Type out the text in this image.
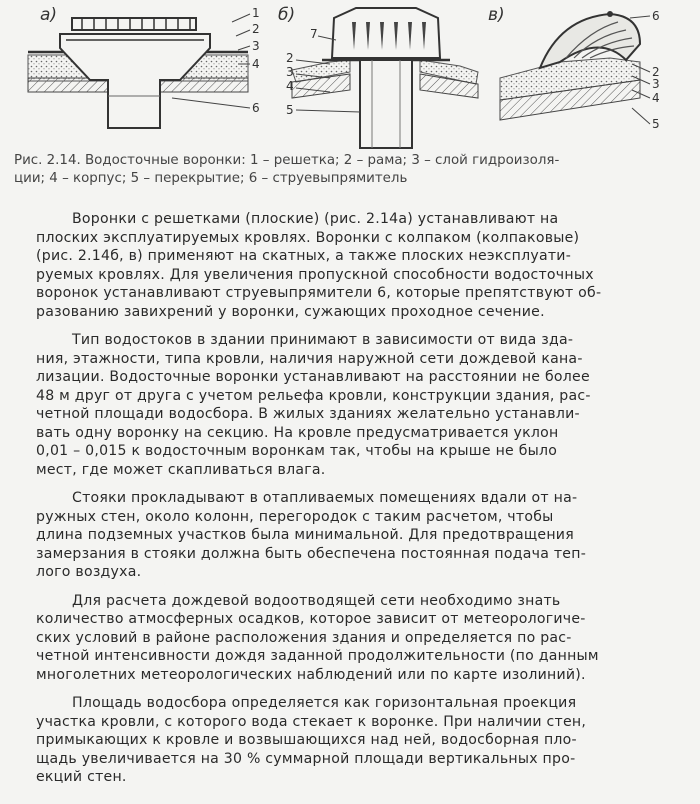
а)	1
2
3
4
6
б)
7
2
3
4
5
в)	6
2
3
4
5
Рис. 2.14. Водосточные воронки: 1 – решетка; 2 – рама; 3 – слой гидроизоля-
ции; 4 – корпус; 5 – перекрытие; 6 – струевыпрямитель
Воронки с решетками (плоские) (рис. 2.14а) устанавливают на
плоских эксплуатируемых кровлях. Воронки с колпаком (колпаковые)
(рис. 2.14б, в) применяют на скатных, а также плоских неэксплуати-
руемых кровлях. Для увеличения пропускной способности водосточных
воронок устанавливают струевыпрямители 6, которые препятствуют об-
разованию завихрений у воронки, сужающих проходное сечение.
Тип водостоков в здании принимают в зависимости от вида зда-
ния, этажности, типа кровли, наличия наружной сети дождевой кана-
лизации. Водосточные воронки устанавливают на расстоянии не более
48 м друг от друга с учетом рельефа кровли, конструкции здания, рас-
четной площади водосбора. В жилых зданиях желательно устанавли-
вать одну воронку на секцию. На кровле предусматривается уклон
0,01 – 0,015 к водосточным воронкам так, чтобы на крыше не было
мест, где может скапливаться влага.
Стояки прокладывают в отапливаемых помещениях вдали от на-
ружных стен, около колонн, перегородок с таким расчетом, чтобы
длина подземных участков была минимальной. Для предотвращения
замерзания в стояки должна быть обеспечена постоянная подача теп-
лого воздуха.
Для расчета дождевой водоотводящей сети необходимо знать
количество атмосферных осадков, которое зависит от метеорологиче-
ских условий в районе расположения здания и определяется по рас-
четной интенсивности дождя заданной продолжительности (по данным
многолетних метеорологических наблюдений или по карте изолиний).
Площадь водосбора определяется как горизонтальная проекция
участка кровли, с которого вода стекает к воронке. При наличии стен,
примыкающих к кровле и возвышающихся над ней, водосборная пло-
щадь увеличивается на 30 % суммарной площади вертикальных про-
екций стен.
